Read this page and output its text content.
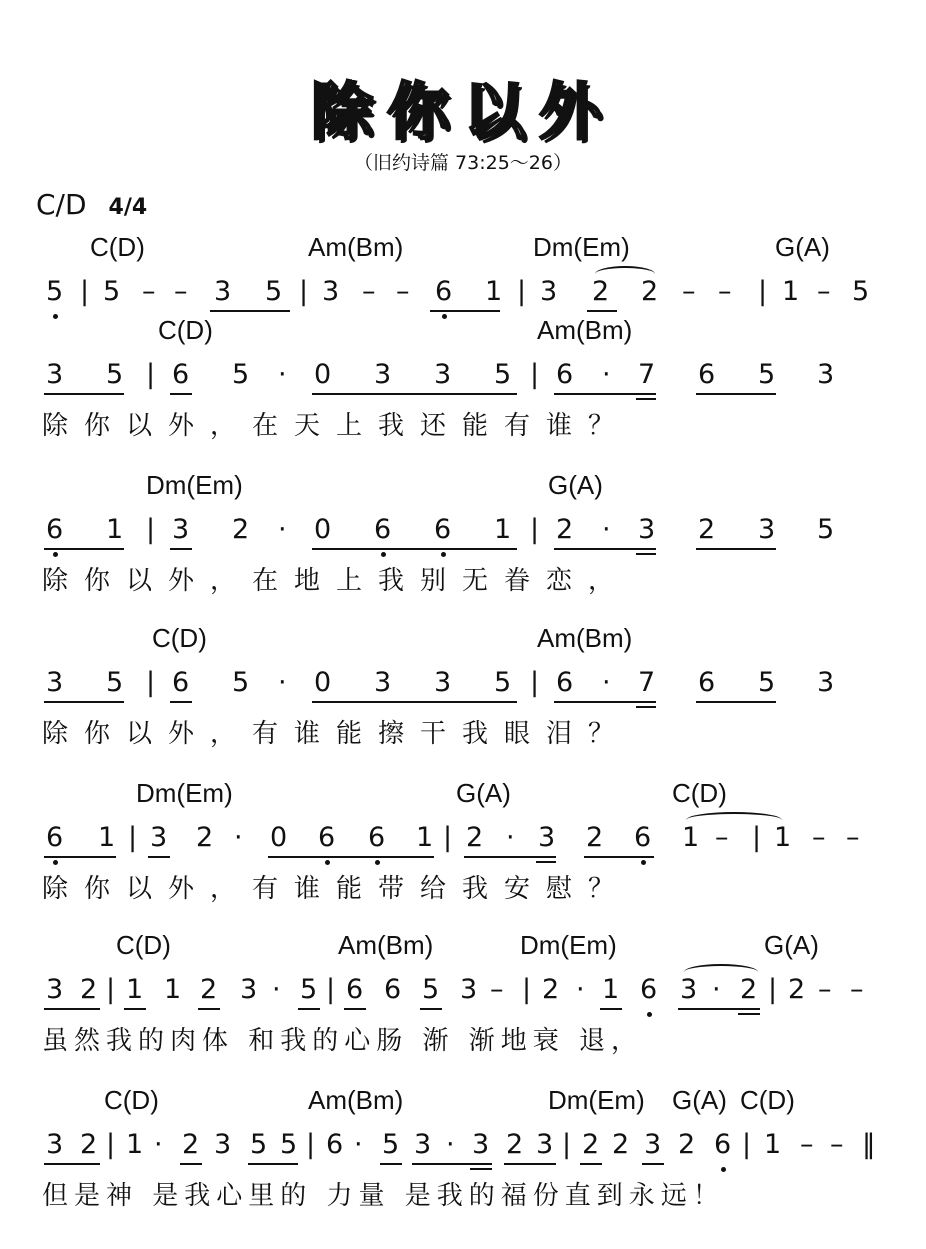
除你以外
（旧约诗篇 73:25～26）
C/D 4/4
C(D)	Am(Bm)	Dm(Em)	G(A)
5 | 5 – – 3 5 | 3 – – 6 1 | 3 2 2 – – | 1 – 5
C(D)	Am(Bm)
3 5 | 6 5 · 0 3 3 5 | 6 · 7 6 5 3
除你以外，在天上我还能有谁？
Dm(Em)	G(A)
6 1 | 3 2 · 0 6 6 1 | 2 · 3 2 3 5
除你以外，在地上我别无眷恋，
C(D)	Am(Bm)
3 5 | 6 5 · 0 3 3 5 | 6 · 7 6 5 3
除你以外，有谁能擦干我眼泪？
Dm(Em)	G(A)	C(D)
6 1 | 3 2 · 0 6 6 1 | 2 · 3 2 6 1 – | 1 – –
除你以外，有谁能带给我安慰？
C(D)	Am(Bm)	Dm(Em)	G(A)
3 2 | 1 1 2 3 · 5 | 6 6 5 3 – | 2 · 1 6 3 · 2 | 2 – –
虽然我的肉体 和我的心肠 渐 渐地衰 退，
C(D)	Am(Bm)	Dm(Em) G(A) C(D)
3 2 | 1 · 2 3 5 5 | 6 · 5 3 · 3 2 3 | 2 2 3 2 6 | 1 – – ‖
但是神 是我心里的 力量 是我的福份直到永远！
